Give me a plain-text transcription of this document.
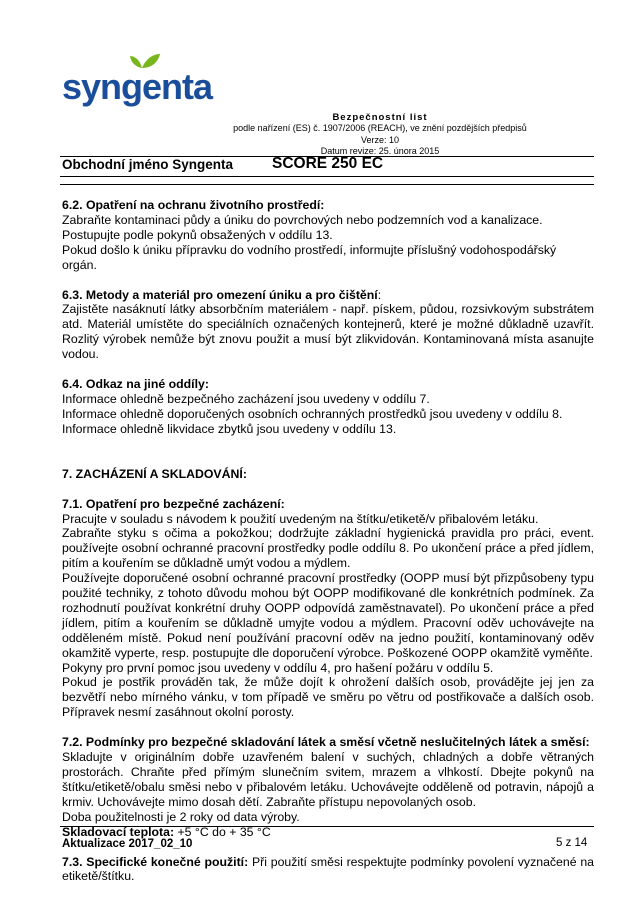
syngenta
Bezpečnostní list
podle nařízení (ES) č. 1907/2006 (REACH), ve znění pozdějších předpisů
Verze: 10
Datum revize: 25. února 2015
Obchodní jméno Syngenta	SCORE 250 EC

6.2. Opatření na ochranu životního prostředí:

Zabraňte kontaminaci půdy a úniku do povrchových nebo podzemních vod a kanalizace. Postupujte podle pokynů obsažených v oddílu 13.

Pokud došlo k úniku přípravku do vodního prostředí, informujte příslušný vodohospodářský orgán.

6.3. Metody a materiál pro omezení úniku a pro čištění:

Zajistěte nasáknutí látky absorbčním materiálem - např. pískem, půdou, rozsivkovým substrátem atd. Materiál umístěte do speciálních označených kontejnerů, které je možné důkladně uzavřít. Rozlitý výrobek nemůže být znovu použit a musí být zlikvidován. Kontaminovaná místa asanujte vodou.

6.4. Odkaz na jiné oddíly:

Informace ohledně bezpečného zacházení jsou uvedeny v oddílu 7.

Informace ohledně doporučených osobních ochranných prostředků jsou uvedeny v oddílu 8.

Informace ohledně likvidace zbytků jsou uvedeny v oddílu 13.

7. ZACHÁZENÍ A SKLADOVÁNÍ:

7.1. Opatření pro bezpečné zacházení:

Pracujte v souladu s návodem k použití uvedeným na štítku/etiketě/v přibalovém letáku.

Zabraňte styku s očima a pokožkou; dodržujte základní hygienická pravidla pro práci, event. používejte osobní ochranné pracovní prostředky podle oddílu 8. Po ukončení práce a před jídlem, pitím a kouřením se důkladně umýt vodou a mýdlem.

Používejte doporučené osobní ochranné pracovní prostředky (OOPP musí být přizpůsobeny typu použité techniky, z tohoto důvodu mohou být OOPP modifikované dle konkrétních podmínek. Za rozhodnutí používat konkrétní druhy OOPP odpovídá zaměstnavatel). Po ukončení práce a před jídlem, pitím a kouřením se důkladně umyjte vodou a mýdlem. Pracovní oděv uchovávejte na odděleném místě. Pokud není používání pracovní oděv na jedno použití, kontaminovaný oděv okamžitě vyperte, resp. postupujte dle doporučení výrobce. Poškozené OOPP okamžitě vyměňte.

Pokyny pro první pomoc jsou uvedeny v oddílu 4, pro hašení požáru v oddílu 5.

Pokud je postřik prováděn tak, že může dojít k ohrožení dalších osob, provádějte jej jen za bezvětří nebo mírného vánku, v tom případě ve směru po větru od postřikovače a dalších osob. Přípravek nesmí zasáhnout okolní porosty.

7.2. Podmínky pro bezpečné skladování látek a směsí včetně neslučitelných látek a směsí:

Skladujte v originálním dobře uzavřeném balení v suchých, chladných a dobře větraných prostorách. Chraňte před přímým slunečním svitem, mrazem a vlhkostí. Dbejte pokynů na štítku/etiketě/obalu směsi nebo v přibalovém letáku. Uchovávejte odděleně od potravin, nápojů a krmiv. Uchovávejte mimo dosah dětí. Zabraňte přístupu nepovolaných osob.

Doba použitelnosti je 2 roky od data výroby.

Skladovací teplota: +5 °C do + 35 °C

7.3. Specifické konečné použití: Při použití směsi respektujte podmínky povolení vyznačené na etiketě/štítku.

Aktualizace 2017_02_10	5 z 14
